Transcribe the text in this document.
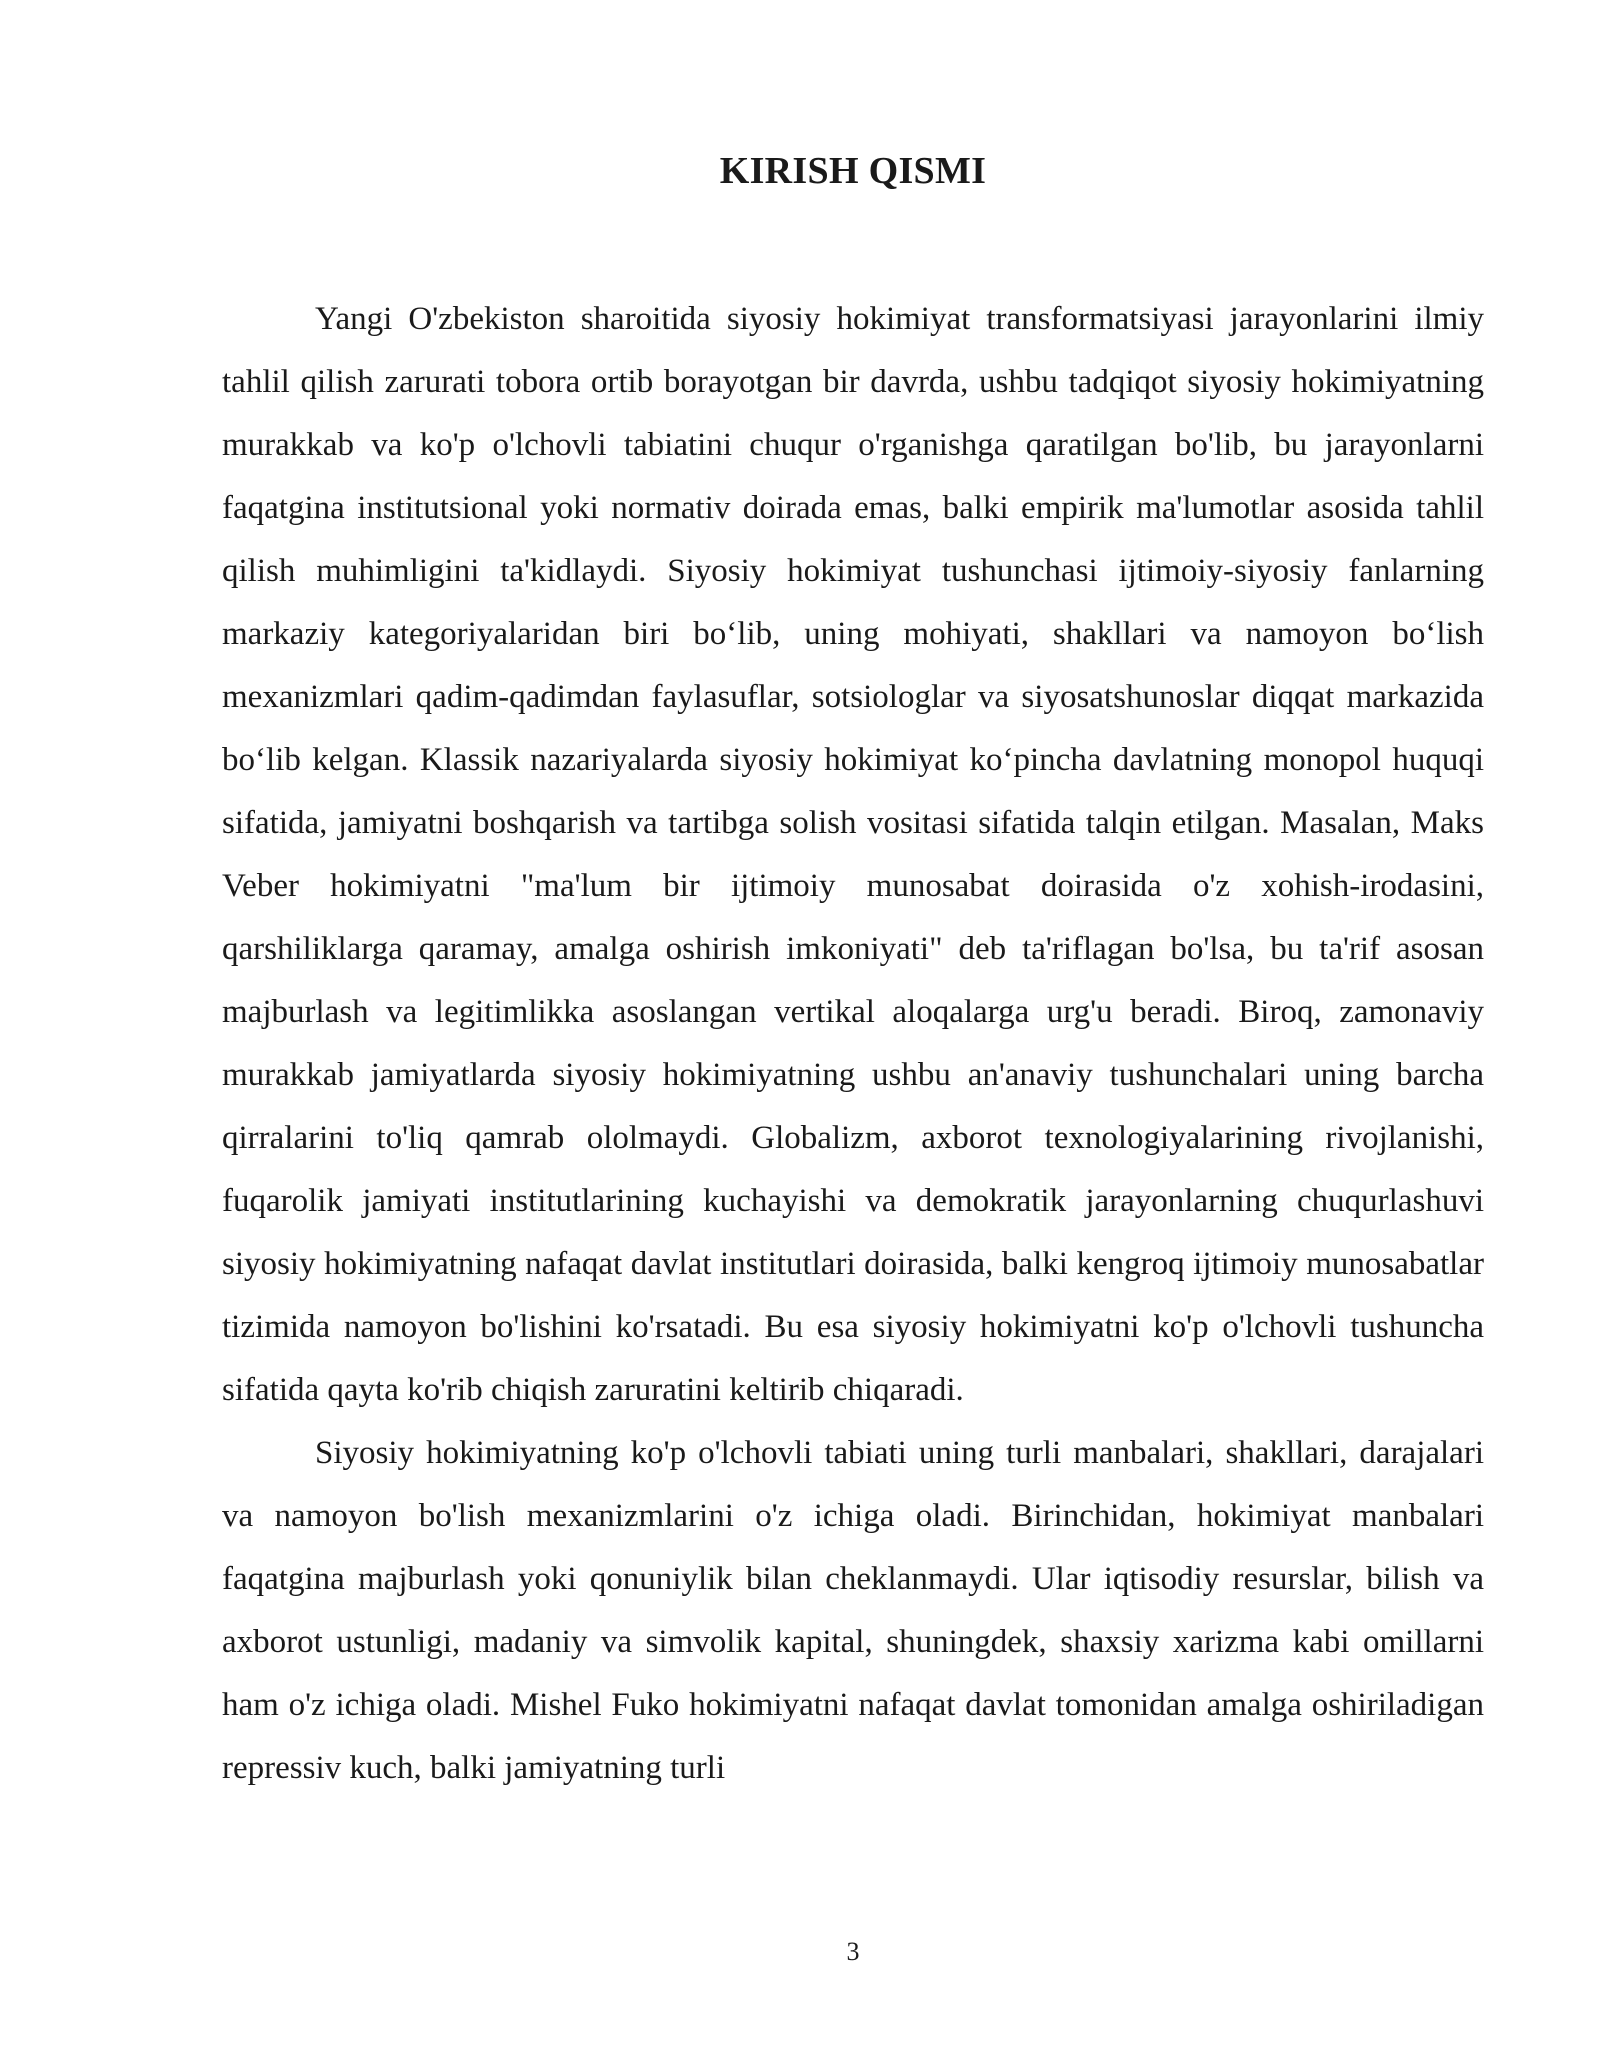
KIRISH QISMI

Yangi O'zbekiston sharoitida siyosiy hokimiyat transformatsiyasi jarayonlarini ilmiy tahlil qilish zarurati tobora ortib borayotgan bir davrda, ushbu tadqiqot siyosiy hokimiyatning murakkab va ko'p o'lchovli tabiatini chuqur o'rganishga qaratilgan bo'lib, bu jarayonlarni faqatgina institutsional yoki normativ doirada emas, balki empirik ma'lumotlar asosida tahlil qilish muhimligini ta'kidlaydi. Siyosiy hokimiyat tushunchasi ijtimoiy-siyosiy fanlarning markaziy kategoriyalaridan biri bo‘lib, uning mohiyati, shakllari va namoyon bo‘lish mexanizmlari qadim-qadimdan faylasuflar, sotsiologlar va siyosatshunoslar diqqat markazida bo‘lib kelgan. Klassik nazariyalarda siyosiy hokimiyat ko‘pincha davlatning monopol huquqi sifatida, jamiyatni boshqarish va tartibga solish vositasi sifatida talqin etilgan. Masalan, Maks Veber hokimiyatni "ma'lum bir ijtimoiy munosabat doirasida o'z xohish-irodasini, qarshiliklarga qaramay, amalga oshirish imkoniyati" deb ta'riflagan bo'lsa, bu ta'rif asosan majburlash va legitimlikka asoslangan vertikal aloqalarga urg'u beradi. Biroq, zamonaviy murakkab jamiyatlarda siyosiy hokimiyatning ushbu an'anaviy tushunchalari uning barcha qirralarini to'liq qamrab ololmaydi. Globalizm, axborot texnologiyalarining rivojlanishi, fuqarolik jamiyati institutlarining kuchayishi va demokratik jarayonlarning chuqurlashuvi siyosiy hokimiyatning nafaqat davlat institutlari doirasida, balki kengroq ijtimoiy munosabatlar tizimida namoyon bo'lishini ko'rsatadi. Bu esa siyosiy hokimiyatni ko'p o'lchovli tushuncha sifatida qayta ko'rib chiqish zaruratini keltirib chiqaradi.

Siyosiy hokimiyatning ko'p o'lchovli tabiati uning turli manbalari, shakllari, darajalari va namoyon bo'lish mexanizmlarini o'z ichiga oladi. Birinchidan, hokimiyat manbalari faqatgina majburlash yoki qonuniylik bilan cheklanmaydi. Ular iqtisodiy resurslar, bilish va axborot ustunligi, madaniy va simvolik kapital, shuningdek, shaxsiy xarizma kabi omillarni ham o'z ichiga oladi. Mishel Fuko hokimiyatni nafaqat davlat tomonidan amalga oshiriladigan repressiv kuch, balki jamiyatning turli

3
